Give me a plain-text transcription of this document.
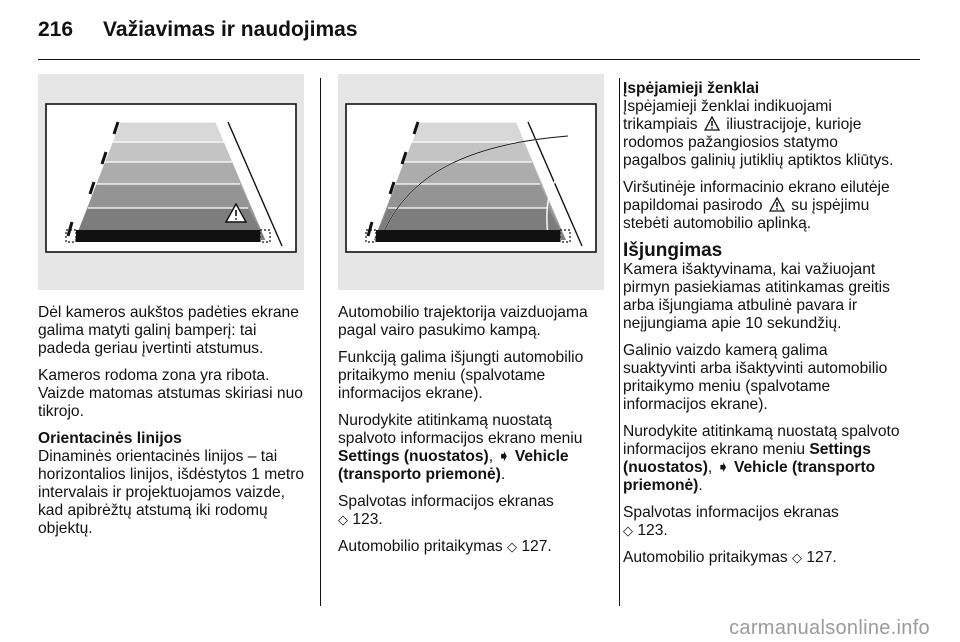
216 Važiavimas ir naudojimas

Dėl kameros aukštos padėties ekrane galima matyti galinį bamperį: tai padeda geriau įvertinti atstumus.

Kameros rodoma zona yra ribota. Vaizde matomas atstumas skiriasi nuo tikrojo.

Orientacinės linijos

Dinaminės orientacinės linijos – tai horizontalios linijos, išdėstytos 1 metro intervalais ir projektuojamos vaizde, kad apibrėžtų atstumą iki rodomų objektų.

Automobilio trajektorija vaizduojama pagal vairo pasukimo kampą.

Funkciją galima išjungti automobilio pritaikymo meniu (spalvotame informacijos ekrane).

Nurodykite atitinkamą nuostatą spalvoto informacijos ekrano meniu Settings (nuostatos), ➧ Vehicle (transporto priemonė).

Spalvotas informacijos ekranas
◇ 123.

Automobilio pritaikymas ◇ 127.

Įspėjamieji ženklai

Įspėjamieji ženklai indikuojami trikampiais iliustracijoje, kurioje rodomos pažangiosios statymo pagalbos galinių jutiklių aptiktos kliūtys.

Viršutinėje informacinio ekrano eilutėje papildomai pasirodo su įspėjimu stebėti automobilio aplinką.

Išjungimas

Kamera išaktyvinama, kai važiuojant pirmyn pasiekiamas atitinkamas greitis arba išjungiama atbulinė pavara ir neįjungiama apie 10 sekundžių.

Galinio vaizdo kamerą galima suaktyvinti arba išaktyvinti automobilio pritaikymo meniu (spalvotame informacijos ekrane).

Nurodykite atitinkamą nuostatą spalvoto informacijos ekrano meniu Settings (nuostatos), ➧ Vehicle (transporto priemonė).

Spalvotas informacijos ekranas
◇ 123.

Automobilio pritaikymas ◇ 127.

carmanualsonline.info
